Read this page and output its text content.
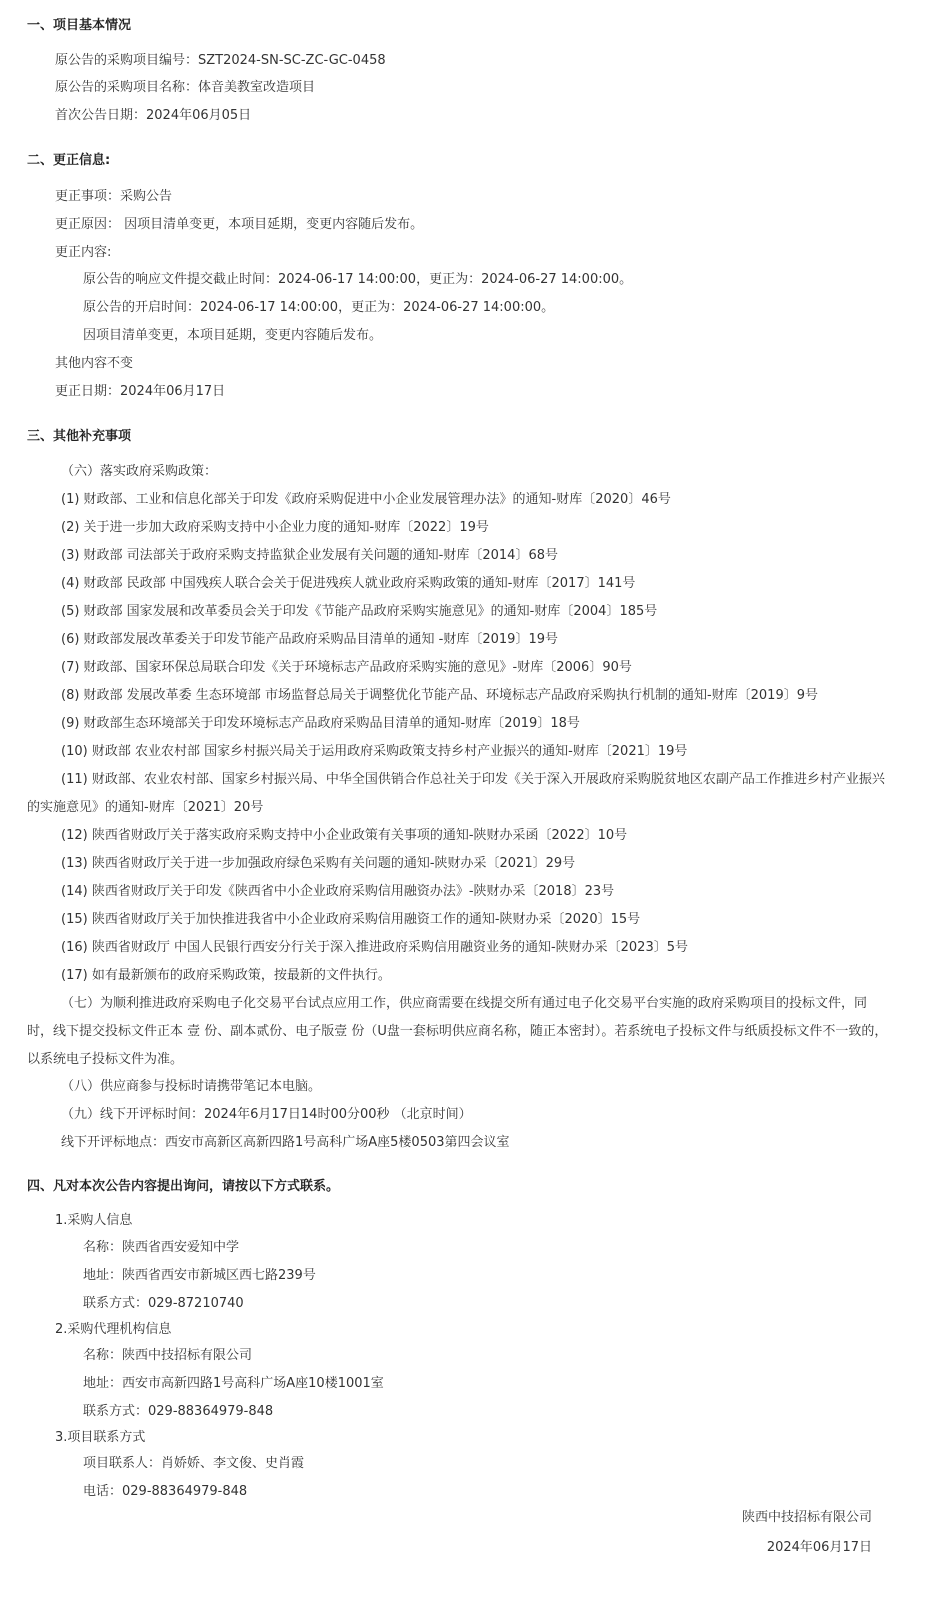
一、项目基本情况
原公告的采购项目编号：SZT2024-SN-SC-ZC-GC-0458
原公告的采购项目名称：体音美教室改造项目
首次公告日期：2024年06月05日
二、更正信息:
更正事项：采购公告
更正原因： 因项目清单变更，本项目延期，变更内容随后发布。
更正内容:
原公告的响应文件提交截止时间：2024-06-17 14:00:00，更正为：2024-06-27 14:00:00。
原公告的开启时间：2024-06-17 14:00:00，更正为：2024-06-27 14:00:00。
因项目清单变更，本项目延期，变更内容随后发布。
其他内容不变
更正日期：2024年06月17日
三、其他补充事项
（六）落实政府采购政策：
(1) 财政部、工业和信息化部关于印发《政府采购促进中小企业发展管理办法》的通知-财库〔2020〕46号
(2) 关于进一步加大政府采购支持中小企业力度的通知-财库〔2022〕19号
(3) 财政部 司法部关于政府采购支持监狱企业发展有关问题的通知-财库〔2014〕68号
(4) 财政部 民政部 中国残疾人联合会关于促进残疾人就业政府采购政策的通知-财库〔2017〕141号
(5) 财政部 国家发展和改革委员会关于印发《节能产品政府采购实施意见》的通知-财库〔2004〕185号
(6) 财政部发展改革委关于印发节能产品政府采购品目清单的通知 -财库〔2019〕19号
(7) 财政部、国家环保总局联合印发《关于环境标志产品政府采购实施的意见》-财库〔2006〕90号
(8) 财政部 发展改革委 生态环境部 市场监督总局关于调整优化节能产品、环境标志产品政府采购执行机制的通知-财库〔2019〕9号
(9) 财政部生态环境部关于印发环境标志产品政府采购品目清单的通知-财库〔2019〕18号
(10) 财政部 农业农村部 国家乡村振兴局关于运用政府采购政策支持乡村产业振兴的通知-财库〔2021〕19号
(11) 财政部、农业农村部、国家乡村振兴局、中华全国供销合作总社关于印发《关于深入开展政府采购脱贫地区农副产品工作推进乡村产业振兴的实施意见》的通知-财库〔2021〕20号
(12) 陕西省财政厅关于落实政府采购支持中小企业政策有关事项的通知-陕财办采函〔2022〕10号
(13) 陕西省财政厅关于进一步加强政府绿色采购有关问题的通知-陕财办采〔2021〕29号
(14) 陕西省财政厅关于印发《陕西省中小企业政府采购信用融资办法》-陕财办采〔2018〕23号
(15) 陕西省财政厅关于加快推进我省中小企业政府采购信用融资工作的通知-陕财办采〔2020〕15号
(16) 陕西省财政厅 中国人民银行西安分行关于深入推进政府采购信用融资业务的通知-陕财办采〔2023〕5号
(17) 如有最新颁布的政府采购政策，按最新的文件执行。
（七）为顺利推进政府采购电子化交易平台试点应用工作，供应商需要在线提交所有通过电子化交易平台实施的政府采购项目的投标文件，同时，线下提交投标文件正本 壹 份、副本贰份、电子版壹 份（U盘一套标明供应商名称，随正本密封）。若系统电子投标文件与纸质投标文件不一致的，以系统电子投标文件为准。
（八）供应商参与投标时请携带笔记本电脑。
（九）线下开评标时间：2024年6月17日14时00分00秒 （北京时间）
线下开评标地点：西安市高新区高新四路1号高科广场A座5楼0503第四会议室
四、凡对本次公告内容提出询问，请按以下方式联系。
1.采购人信息
名称：陕西省西安爱知中学
地址：陕西省西安市新城区西七路239号
联系方式：029-87210740
2.采购代理机构信息
名称：陕西中技招标有限公司
地址：西安市高新四路1号高科广场A座10楼1001室
联系方式：029-88364979-848
3.项目联系方式
项目联系人：肖娇娇、李文俊、史肖霞
电话：029-88364979-848
陕西中技招标有限公司
2024年06月17日
